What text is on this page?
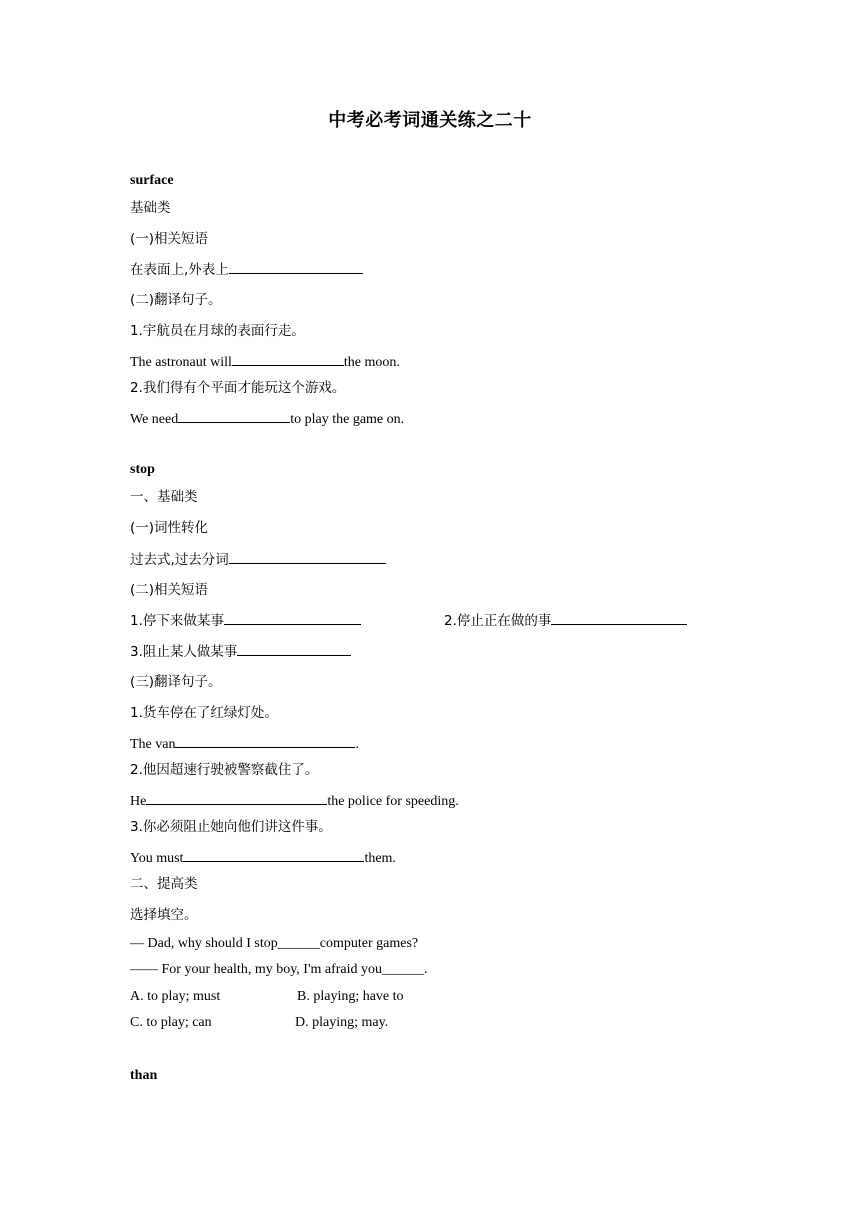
中考必考词通关练之二十
surface
基础类
(一)相关短语
在表面上,外表上
(二)翻译句子。
1.宇航员在月球的表面行走。
The astronaut will	the moon.
2.我们得有个平面才能玩这个游戏。
We need	to play the game on.
stop
一、基础类
(一)词性转化
过去式,过去分词
(二)相关短语
1.停下来做某事	2.停止正在做的事
3.阻止某人做某事
(三)翻译句子。
1.货车停在了红绿灯处。
The van	.
2.他因超速行驶被警察截住了。
He	the police for speeding.
3.你必须阻止她向他们讲这件事。
You must	them.
二、提高类
选择填空。
— Dad, why should I stop______computer games?
—— For your health, my boy, I'm afraid you______.
A. to play; must	B. playing; have to
C. to play; can	D. playing; may.
than
